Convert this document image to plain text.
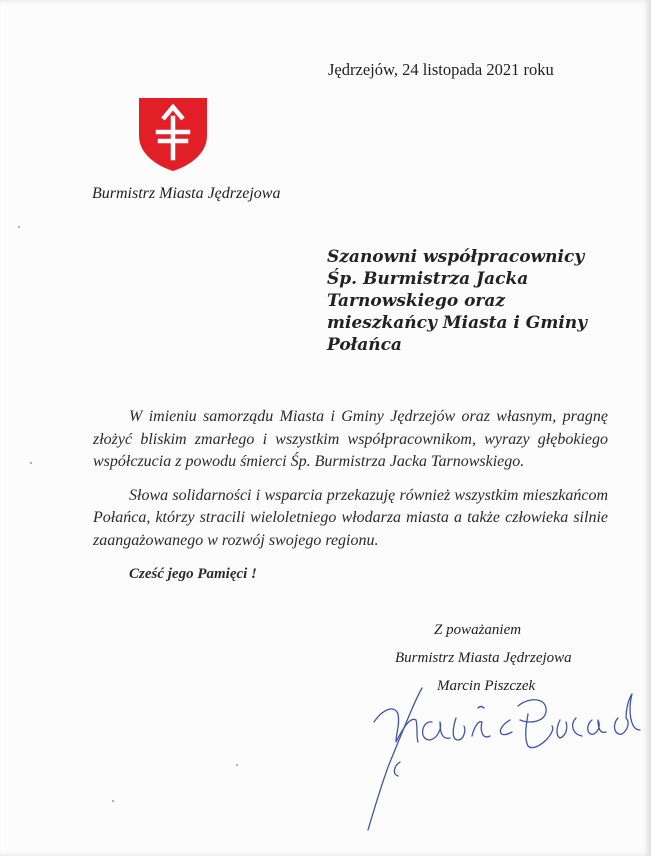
Jędrzejów, 24 listopada 2021 roku
Burmistrz Miasta Jędrzejowa
Szanowni współpracownicy
Śp. Burmistrza Jacka
Tarnowskiego oraz
mieszkańcy Miasta i Gminy
Połańca

W imieniu samorządu Miasta i Gminy Jędrzejów oraz własnym, pragnę złożyć bliskim zmarłego i wszystkim współpracownikom, wyrazy głębokiego współczucia z powodu śmierci Śp. Burmistrza Jacka Tarnowskiego.

Słowa solidarności i wsparcia przekazuję również wszystkim mieszkańcom Połańca, którzy stracili wieloletniego włodarza miasta a także człowieka silnie zaangażowanego w rozwój swojego regionu.

Cześć jego Pamięci !

Z poważaniem
Burmistrz Miasta Jędrzejowa
Marcin Piszczek
